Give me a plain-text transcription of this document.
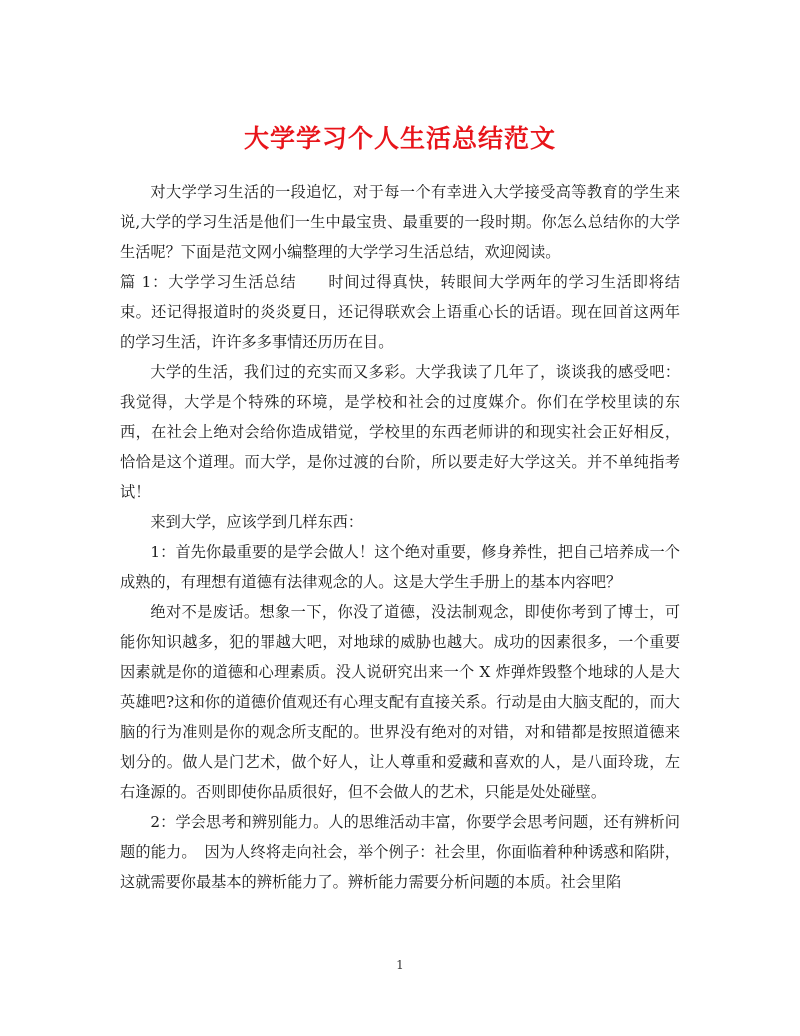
大学学习个人生活总结范文

对大学学习生活的一段追忆，对于每一个有幸进入大学接受高等教育的学生来说,大学的学习生活是他们一生中最宝贵、最重要的一段时期。你怎么总结你的大学生活呢？下面是范文网小编整理的大学学习生活总结，欢迎阅读。

篇 1：大学学习生活总结　　时间过得真快，转眼间大学两年的学习生活即将结束。还记得报道时的炎炎夏日，还记得联欢会上语重心长的话语。现在回首这两年的学习生活，许许多多事情还历历在目。

大学的生活，我们过的充实而又多彩。大学我读了几年了，谈谈我的感受吧：我觉得，大学是个特殊的环境，是学校和社会的过度媒介。你们在学校里读的东西，在社会上绝对会给你造成错觉，学校里的东西老师讲的和现实社会正好相反，恰恰是这个道理。而大学，是你过渡的台阶，所以要走好大学这关。并不单纯指考试！

来到大学，应该学到几样东西：

1：首先你最重要的是学会做人！这个绝对重要，修身养性，把自己培养成一个成熟的，有理想有道德有法律观念的人。这是大学生手册上的基本内容吧？

绝对不是废话。想象一下，你没了道德，没法制观念，即使你考到了博士，可能你知识越多，犯的罪越大吧，对地球的威胁也越大。成功的因素很多，一个重要因素就是你的道德和心理素质。没人说研究出来一个 X 炸弹炸毁整个地球的人是大英雄吧?这和你的道德价值观还有心理支配有直接关系。行动是由大脑支配的，而大脑的行为准则是你的观念所支配的。世界没有绝对的对错，对和错都是按照道德来划分的。做人是门艺术，做个好人，让人尊重和爱藏和喜欢的人，是八面玲珑，左右逢源的。否则即使你品质很好，但不会做人的艺术，只能是处处碰壁。

2：学会思考和辨别能力。人的思维活动丰富，你要学会思考问题，还有辨析问题的能力。　因为人终将走向社会，举个例子：社会里，你面临着种种诱惑和陷阱，这就需要你最基本的辨析能力了。辨析能力需要分析问题的本质。社会里陷

1
